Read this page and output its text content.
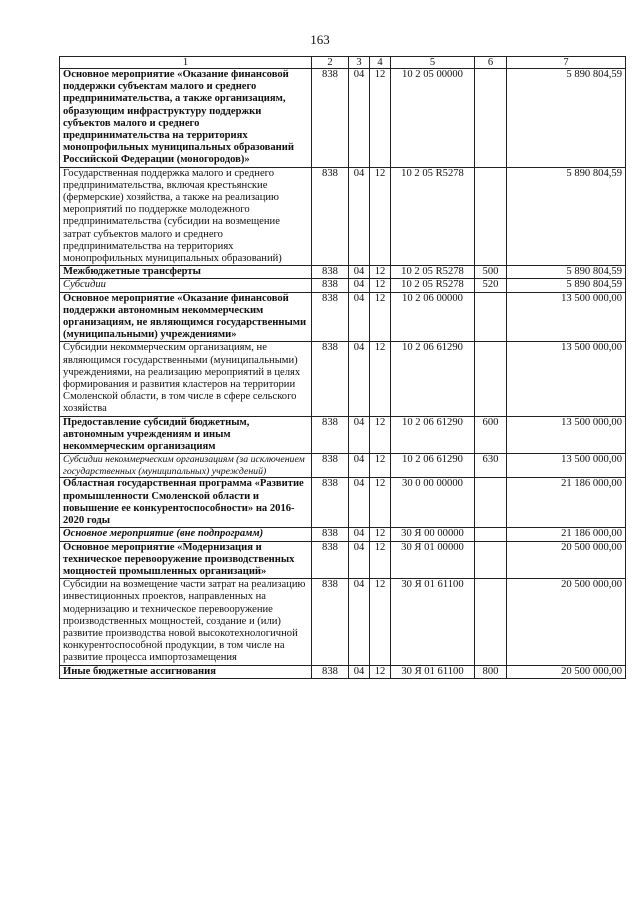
163
1	2	3	4	5	6	7
Основное мероприятие «Оказание финансовой поддержки субъектам малого и среднего предпринимательства, а также организациям, образующим инфраструктуру поддержки субъектов малого и среднего предпринимательства на территориях монопрофильных муниципальных образований Российской Федерации (моногородов)»	838	04	12	10 2 05 00000		5 890 804,59
Государственная поддержка малого и среднего предпринимательства, включая крестьянские (фермерские) хозяйства, а также на реализацию мероприятий по поддержке молодежного предпринимательства (субсидии на возмещение затрат субъектов малого и среднего предпринимательства на территориях монопрофильных муниципальных образований)	838	04	12	10 2 05 R5278		5 890 804,59
Межбюджетные трансферты	838	04	12	10 2 05 R5278	500	5 890 804,59
Субсидии	838	04	12	10 2 05 R5278	520	5 890 804,59
Основное мероприятие «Оказание финансовой поддержки автономным некоммерческим организациям, не являющимся государственными (муниципальными) учреждениями»	838	04	12	10 2 06 00000		13 500 000,00
Субсидии некоммерческим организациям, не являющимся государственными (муниципальными) учреждениями, на реализацию мероприятий в целях формирования и развития кластеров на территории Смоленской области, в том числе в сфере сельского хозяйства	838	04	12	10 2 06 61290		13 500 000,00
Предоставление субсидий бюджетным, автономным учреждениям и иным некоммерческим организациям	838	04	12	10 2 06 61290	600	13 500 000,00
Субсидии некоммерческим организациям (за исключением государственных (муниципальных) учреждений)	838	04	12	10 2 06 61290	630	13 500 000,00
Областная государственная программа «Развитие промышленности Смоленской области и повышение ее конкурентоспособности» на 2016-2020 годы	838	04	12	30 0 00 00000		21 186 000,00
Основное мероприятие (вне подпрограмм)	838	04	12	30 Я 00 00000		21 186 000,00
Основное мероприятие «Модернизация и техническое перевооружение производственных мощностей промышленных организаций»	838	04	12	30 Я 01 00000		20 500 000,00
Субсидии на возмещение части затрат на реализацию инвестиционных проектов, направленных на модернизацию и техническое перевооружение производственных мощностей, создание и (или) развитие производства новой высокотехнологичной конкурентоспособной продукции, в том числе на развитие процесса импортозамещения	838	04	12	30 Я 01 61100		20 500 000,00
Иные бюджетные ассигнования	838	04	12	30 Я 01 61100	800	20 500 000,00
